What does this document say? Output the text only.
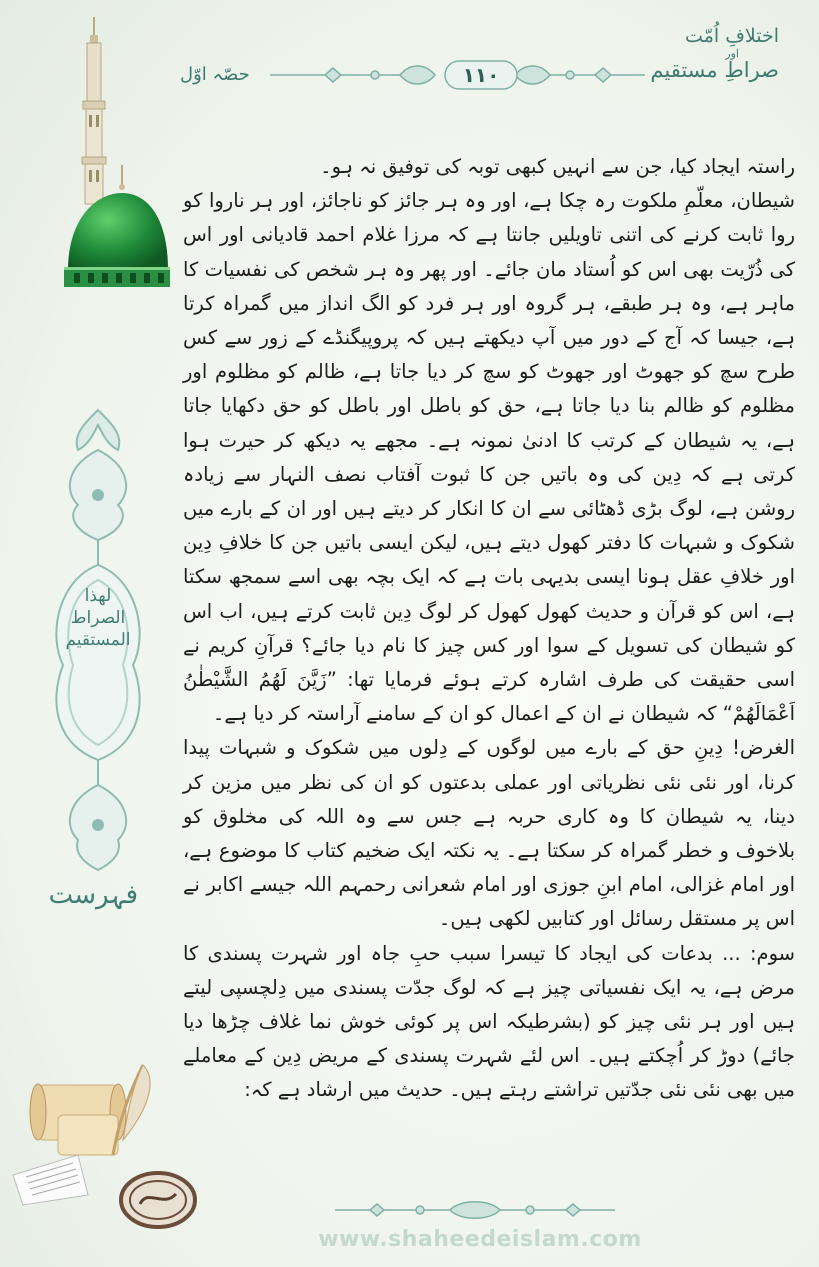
لھذا الصراط المستقیم
فہرست
اختلافِ اُمّت
اور
صراطِ مستقیم
حصّہ اوّل	۱۱۰

راستہ ایجاد کیا، جن سے انہیں کبھی توبہ کی توفیق نہ ہو۔

شیطان، معلّمِ ملکوت رہ چکا ہے، اور وہ ہر جائز کو ناجائز، اور ہر ناروا کو روا ثابت کرنے کی اتنی تاویلیں جانتا ہے کہ مرزا غلام احمد قادیانی اور اس کی ذُرّیت بھی اس کو اُستاد مان جائے۔ اور پھر وہ ہر شخص کی نفسیات کا ماہر ہے، وہ ہر طبقے، ہر گروہ اور ہر فرد کو الگ انداز میں گمراہ کرتا ہے، جیسا کہ آج کے دور میں آپ دیکھتے ہیں کہ پروپیگنڈے کے زور سے کس طرح سچ کو جھوٹ اور جھوٹ کو سچ کر دیا جاتا ہے، ظالم کو مظلوم اور مظلوم کو ظالم بنا دیا جاتا ہے، حق کو باطل اور باطل کو حق دکھایا جاتا ہے، یہ شیطان کے کرتب کا ادنیٰ نمونہ ہے۔ مجھے یہ دیکھ کر حیرت ہوا کرتی ہے کہ دِین کی وہ باتیں جن کا ثبوت آفتاب نصف النہار سے زیادہ روشن ہے، لوگ بڑی ڈھٹائی سے ان کا انکار کر دیتے ہیں اور ان کے بارے میں شکوک و شبہات کا دفتر کھول دیتے ہیں، لیکن ایسی باتیں جن کا خلافِ دِین اور خلافِ عقل ہونا ایسی بدیہی بات ہے کہ ایک بچہ بھی اسے سمجھ سکتا ہے، اس کو قرآن و حدیث کھول کھول کر لوگ دِین ثابت کرتے ہیں، اب اس کو شیطان کی تسویل کے سوا اور کس چیز کا نام دیا جائے؟ قرآنِ کریم نے اسی حقیقت کی طرف اشارہ کرتے ہوئے فرمایا تھا: ”زَیَّنَ لَهُمُ الشَّیْطٰنُ اَعْمَالَهُمْ“ کہ شیطان نے ان کے اعمال کو ان کے سامنے آراستہ کر دیا ہے۔

الغرض! دِینِ حق کے بارے میں لوگوں کے دِلوں میں شکوک و شبہات پیدا کرنا، اور نئی نئی نظریاتی اور عملی بدعتوں کو ان کی نظر میں مزین کر دینا، یہ شیطان کا وہ کاری حربہ ہے جس سے وہ اللہ کی مخلوق کو بلاخوف و خطر گمراہ کر سکتا ہے۔ یہ نکتہ ایک ضخیم کتاب کا موضوع ہے، اور امام غزالی، امام ابنِ جوزی اور امام شعرانی رحمہم اللہ جیسے اکابر نے اس پر مستقل رسائل اور کتابیں لکھی ہیں۔

سوم: ... بدعات کی ایجاد کا تیسرا سبب حبِ جاہ اور شہرت پسندی کا مرض ہے، یہ ایک نفسیاتی چیز ہے کہ لوگ جدّت پسندی میں دِلچسپی لیتے ہیں اور ہر نئی چیز کو (بشرطیکہ اس پر کوئی خوش نما غلاف چڑھا دیا جائے) دوڑ کر اُچکتے ہیں۔ اس لئے شہرت پسندی کے مریض دِین کے معاملے میں بھی نئی نئی جدّتیں تراشتے رہتے ہیں۔ حدیث میں ارشاد ہے کہ:

www.shaheedeislam.com
